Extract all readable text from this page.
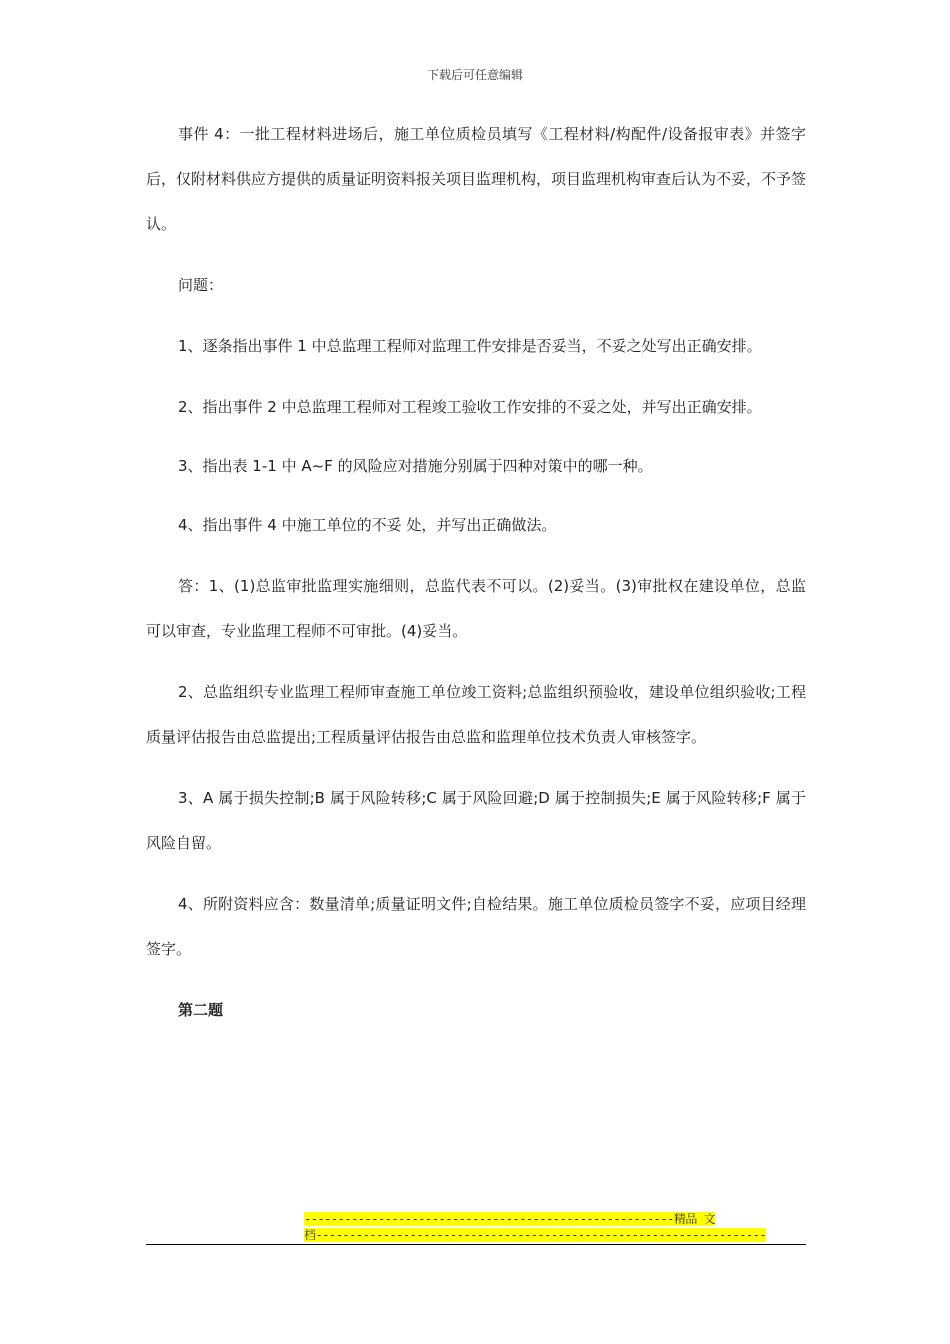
下载后可任意编辑

事件 4：一批工程材料进场后，施工单位质检员填写《工程材料/构配件/设备报审表》并签字后，仅附材料供应方提供的质量证明资料报关项目监理机构，项目监理机构审查后认为不妥，不予签认。

问题：

1、逐条指出事件 1 中总监理工程师对监理工件安排是否妥当，不妥之处写出正确安排。

2、指出事件 2 中总监理工程师对工程竣工验收工作安排的不妥之处，并写出正确安排。

3、指出表 1-1 中 A~F 的风险应对措施分别属于四种对策中的哪一种。

4、指出事件 4 中施工单位的不妥 处，并写出正确做法。

答：1、(1)总监审批监理实施细则，总监代表不可以。(2)妥当。(3)审批权在建设单位，总监可以审查，专业监理工程师不可审批。(4)妥当。

2、总监组织专业监理工程师审查施工单位竣工资料;总监组织预验收，建设单位组织验收;工程质量评估报告由总监提出;工程质量评估报告由总监和监理单位技术负责人审核签字。

3、A 属于损失控制;B 属于风险转移;C 属于风险回避;D 属于控制损失;E 属于风险转移;F 属于风险自留。

4、所附资料应含：数量清单;质量证明文件;自检结果。施工单位质检员签字不妥，应项目经理签字。

第二题

-------------------------------------------------------精品 文
档-------------------------------------------------------------------
